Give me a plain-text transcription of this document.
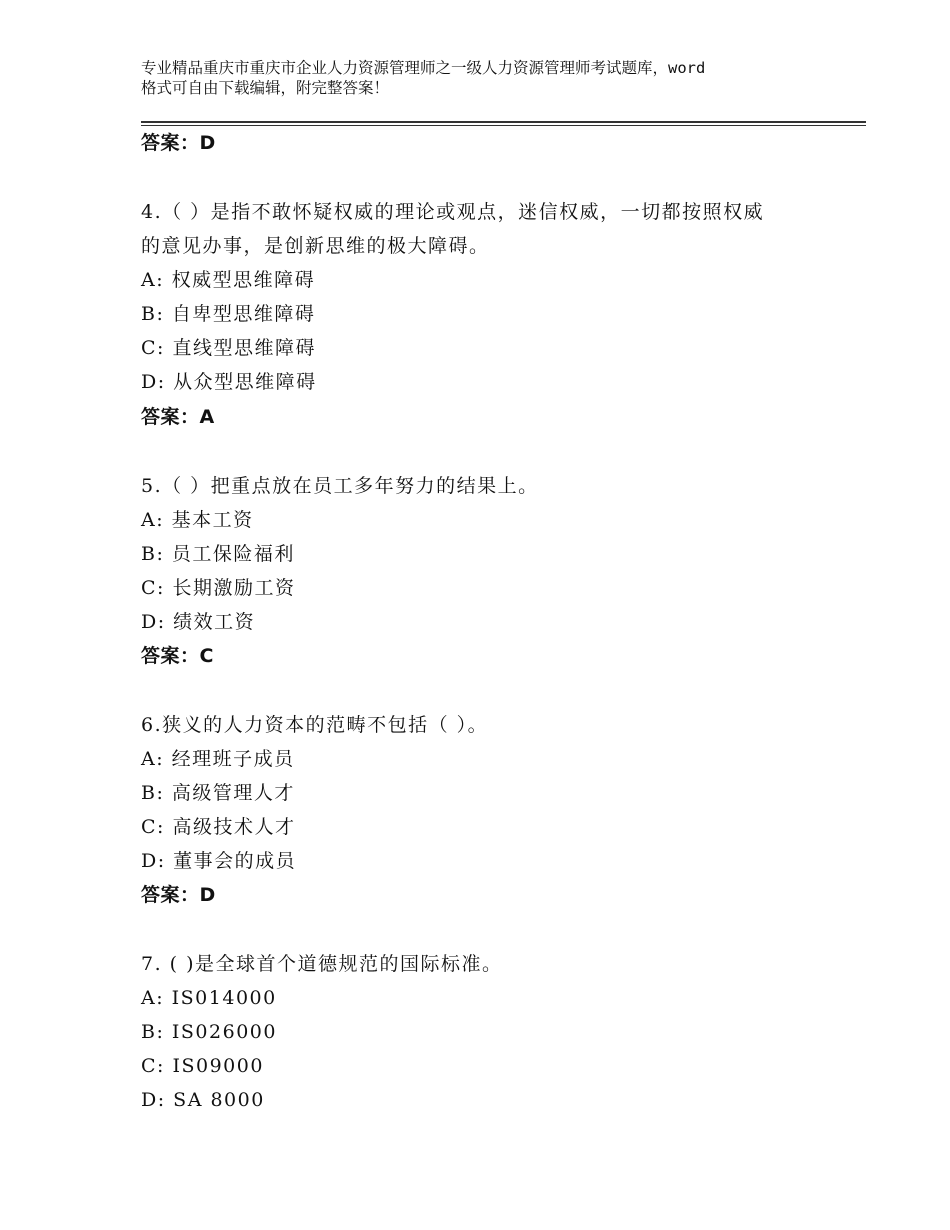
专业精品重庆市重庆市企业人力资源管理师之一级人力资源管理师考试题库，word
格式可自由下载编辑，附完整答案！
答案：D
4.（ ）是指不敢怀疑权威的理论或观点，迷信权威，一切都按照权威
的意见办事，是创新思维的极大障碍。
A: 权威型思维障碍
B: 自卑型思维障碍
C: 直线型思维障碍
D: 从众型思维障碍
答案：A
5.（ ）把重点放在员工多年努力的结果上。
A: 基本工资
B: 员工保险福利
C: 长期激励工资
D: 绩效工资
答案：C
6.狭义的人力资本的范畴不包括（ ）。
A: 经理班子成员
B: 高级管理人才
C: 高级技术人才
D: 董事会的成员
答案：D
7. ( )是全球首个道德规范的国际标准。
A: IS014000
B: IS026000
C: IS09000
D: SA 8000
